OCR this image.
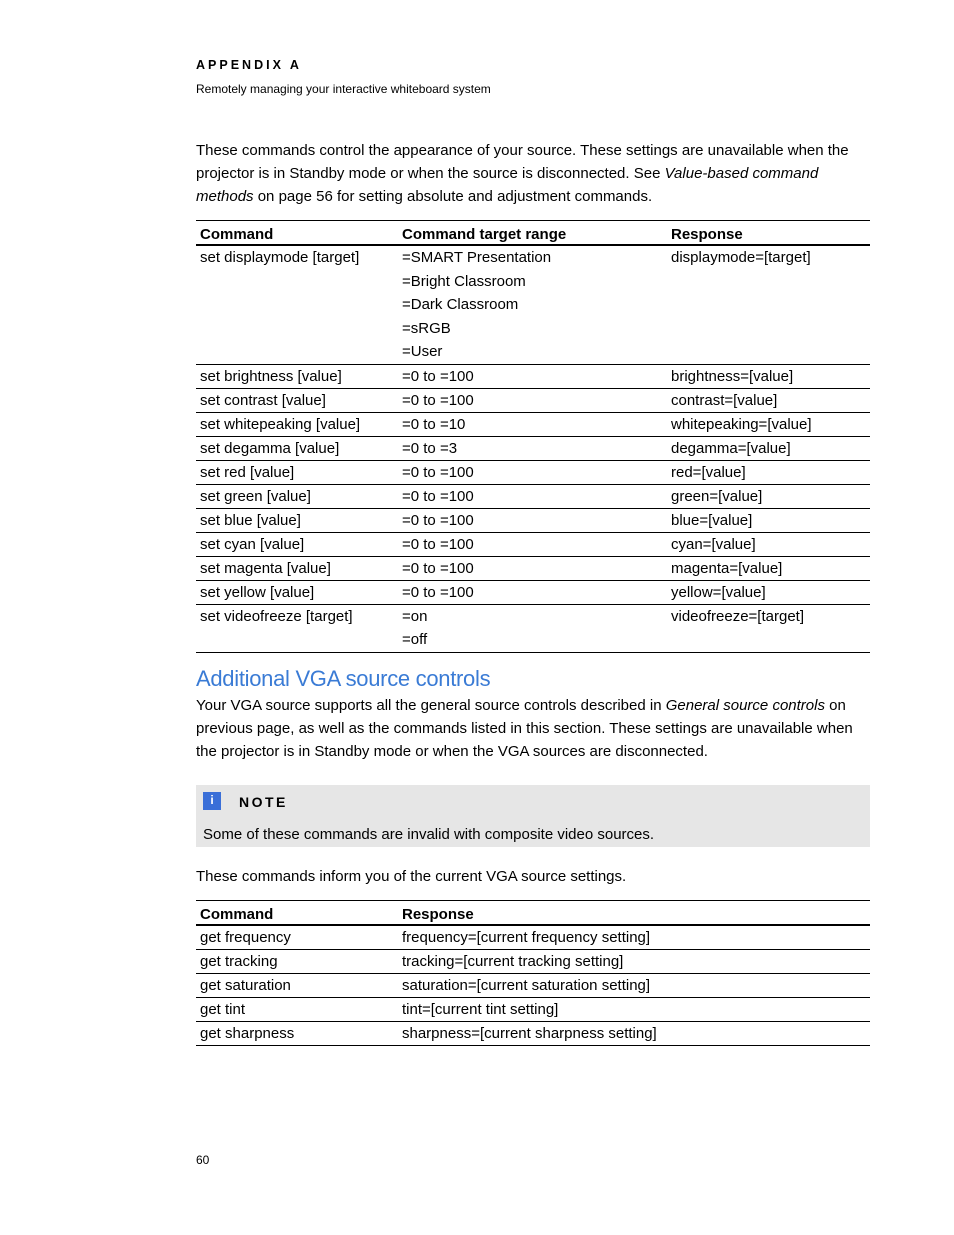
APPENDIX A
Remotely managing your interactive whiteboard system

These commands control the appearance of your source. These settings are unavailable when the projector is in Standby mode or when the source is disconnected. See Value-based command methods on page 56 for setting absolute and adjustment commands.

Command	Command target range	Response
set displaymode [target]	=SMART Presentation
=Bright Classroom
=Dark Classroom
=sRGB
=User	displaymode=[target]
set brightness [value]	=0 to =100	brightness=[value]
set contrast [value]	=0 to =100	contrast=[value]
set whitepeaking [value]	=0 to =10	whitepeaking=[value]
set degamma [value]	=0 to =3	degamma=[value]
set red [value]	=0 to =100	red=[value]
set green [value]	=0 to =100	green=[value]
set blue [value]	=0 to =100	blue=[value]
set cyan [value]	=0 to =100	cyan=[value]
set magenta [value]	=0 to =100	magenta=[value]
set yellow [value]	=0 to =100	yellow=[value]
set videofreeze [target]	=on
=off	videofreeze=[target]
Additional VGA source controls

Your VGA source supports all the general source controls described in General source controls on previous page, as well as the commands listed in this section. These settings are unavailable when the projector is in Standby mode or when the VGA sources are disconnected.

i	NOTE
Some of these commands are invalid with composite video sources.

These commands inform you of the current VGA source settings.

Command	Response
get frequency	frequency=[current frequency setting]
get tracking	tracking=[current tracking setting]
get saturation	saturation=[current saturation setting]
get tint	tint=[current tint setting]
get sharpness	sharpness=[current sharpness setting]
60
